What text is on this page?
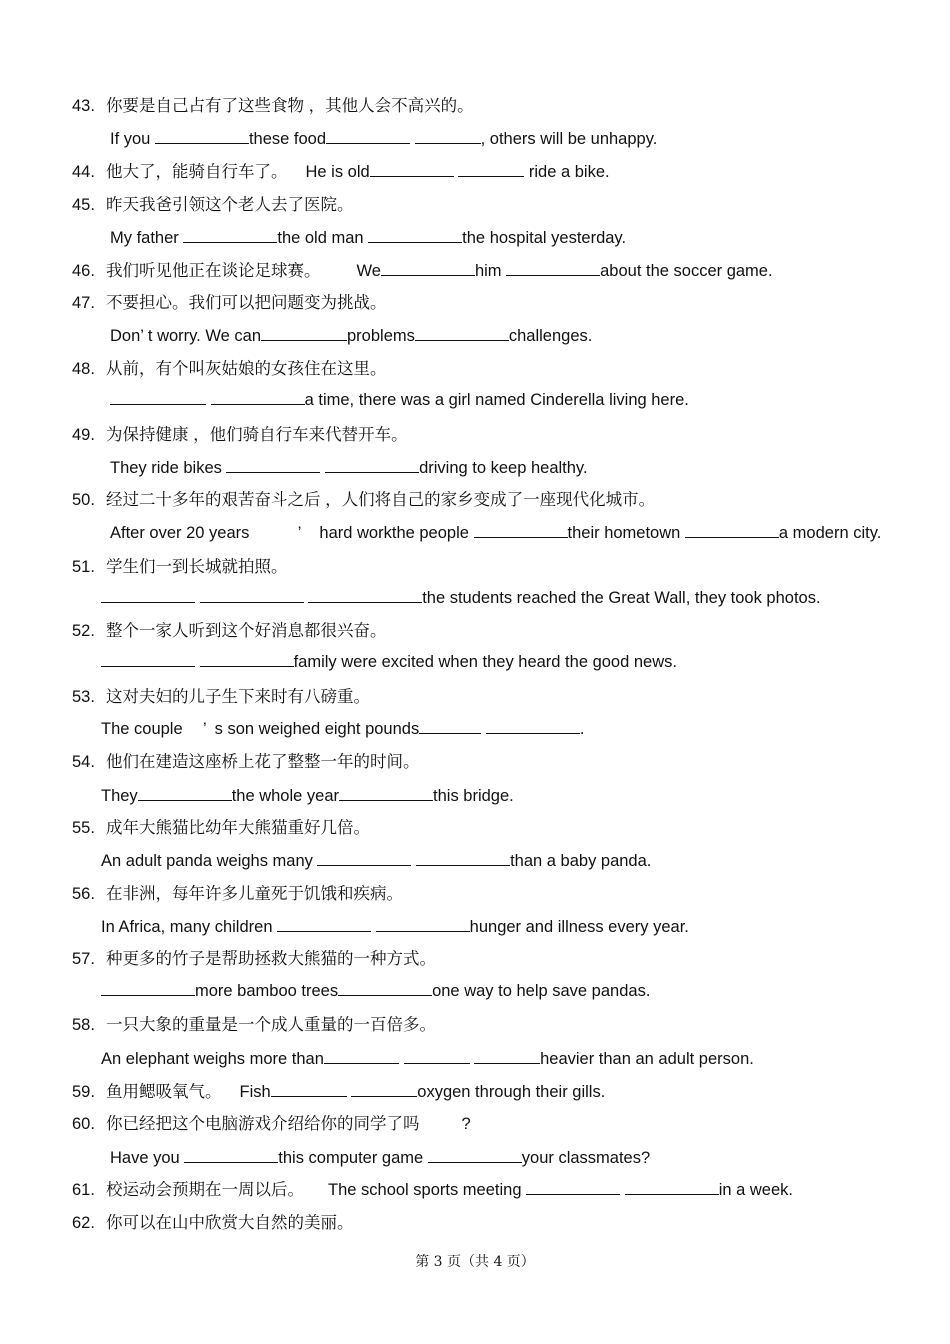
43. 你要是自己占有了这些食物 ，其他人会不高兴的。
If you	these food	, others will be unhappy.
44. 他大了，能骑自行车了。 He is old	ride a bike.
45. 昨天我爸引领这个老人去了医院。
My father	the old man	the hospital yesterday.
46. 我们听见他正在谈论足球赛。 We	him	about the soccer game.
47. 不要担心。我们可以把问题变为挑战。
Don’ t worry. We can	problems	challenges.
48. 从前，有个叫灰姑娘的女孩住在这里。
a time, there was a girl named Cinderella living here.
49. 为保持健康 ，他们骑自行车来代替开车。
They ride bikes	driving to keep healthy.
50. 经过二十多年的艰苦奋斗之后 ，人们将自己的家乡变成了一座现代化城市。
After over 20 years	’ hard workthe people	their hometown	a modern city.
51. 学生们一到长城就拍照。
the students reached the Great Wall, they took photos.
52. 整个一家人听到这个好消息都很兴奋。
family were excited when they heard the good news.
53. 这对夫妇的儿子生下来时有八磅重。
The couple ’ s son weighed eight pounds	.
54. 他们在建造这座桥上花了整整一年的时间。
They	the whole year	this bridge.
55. 成年大熊猫比幼年大熊猫重好几倍。
An adult panda weighs many	than a baby panda.
56. 在非洲，每年许多儿童死于饥饿和疾病。
In Africa, many children	hunger and illness every year.
57. 种更多的竹子是帮助拯救大熊猫的一种方式。
more bamboo trees	one way to help save pandas.
58. 一只大象的重量是一个成人重量的一百倍多。
An elephant weighs more than	heavier than an adult person.
59. 鱼用鳃吸氧气。 Fish	oxygen through their gills.
60. 你已经把这个电脑游戏介绍给你的同学了吗	?
Have you	this computer game	your classmates?
61. 校运动会预期在一周以后。 The school sports meeting	in a week.
62. 你可以在山中欣赏大自然的美丽。
第 3 页（共 4 页）
